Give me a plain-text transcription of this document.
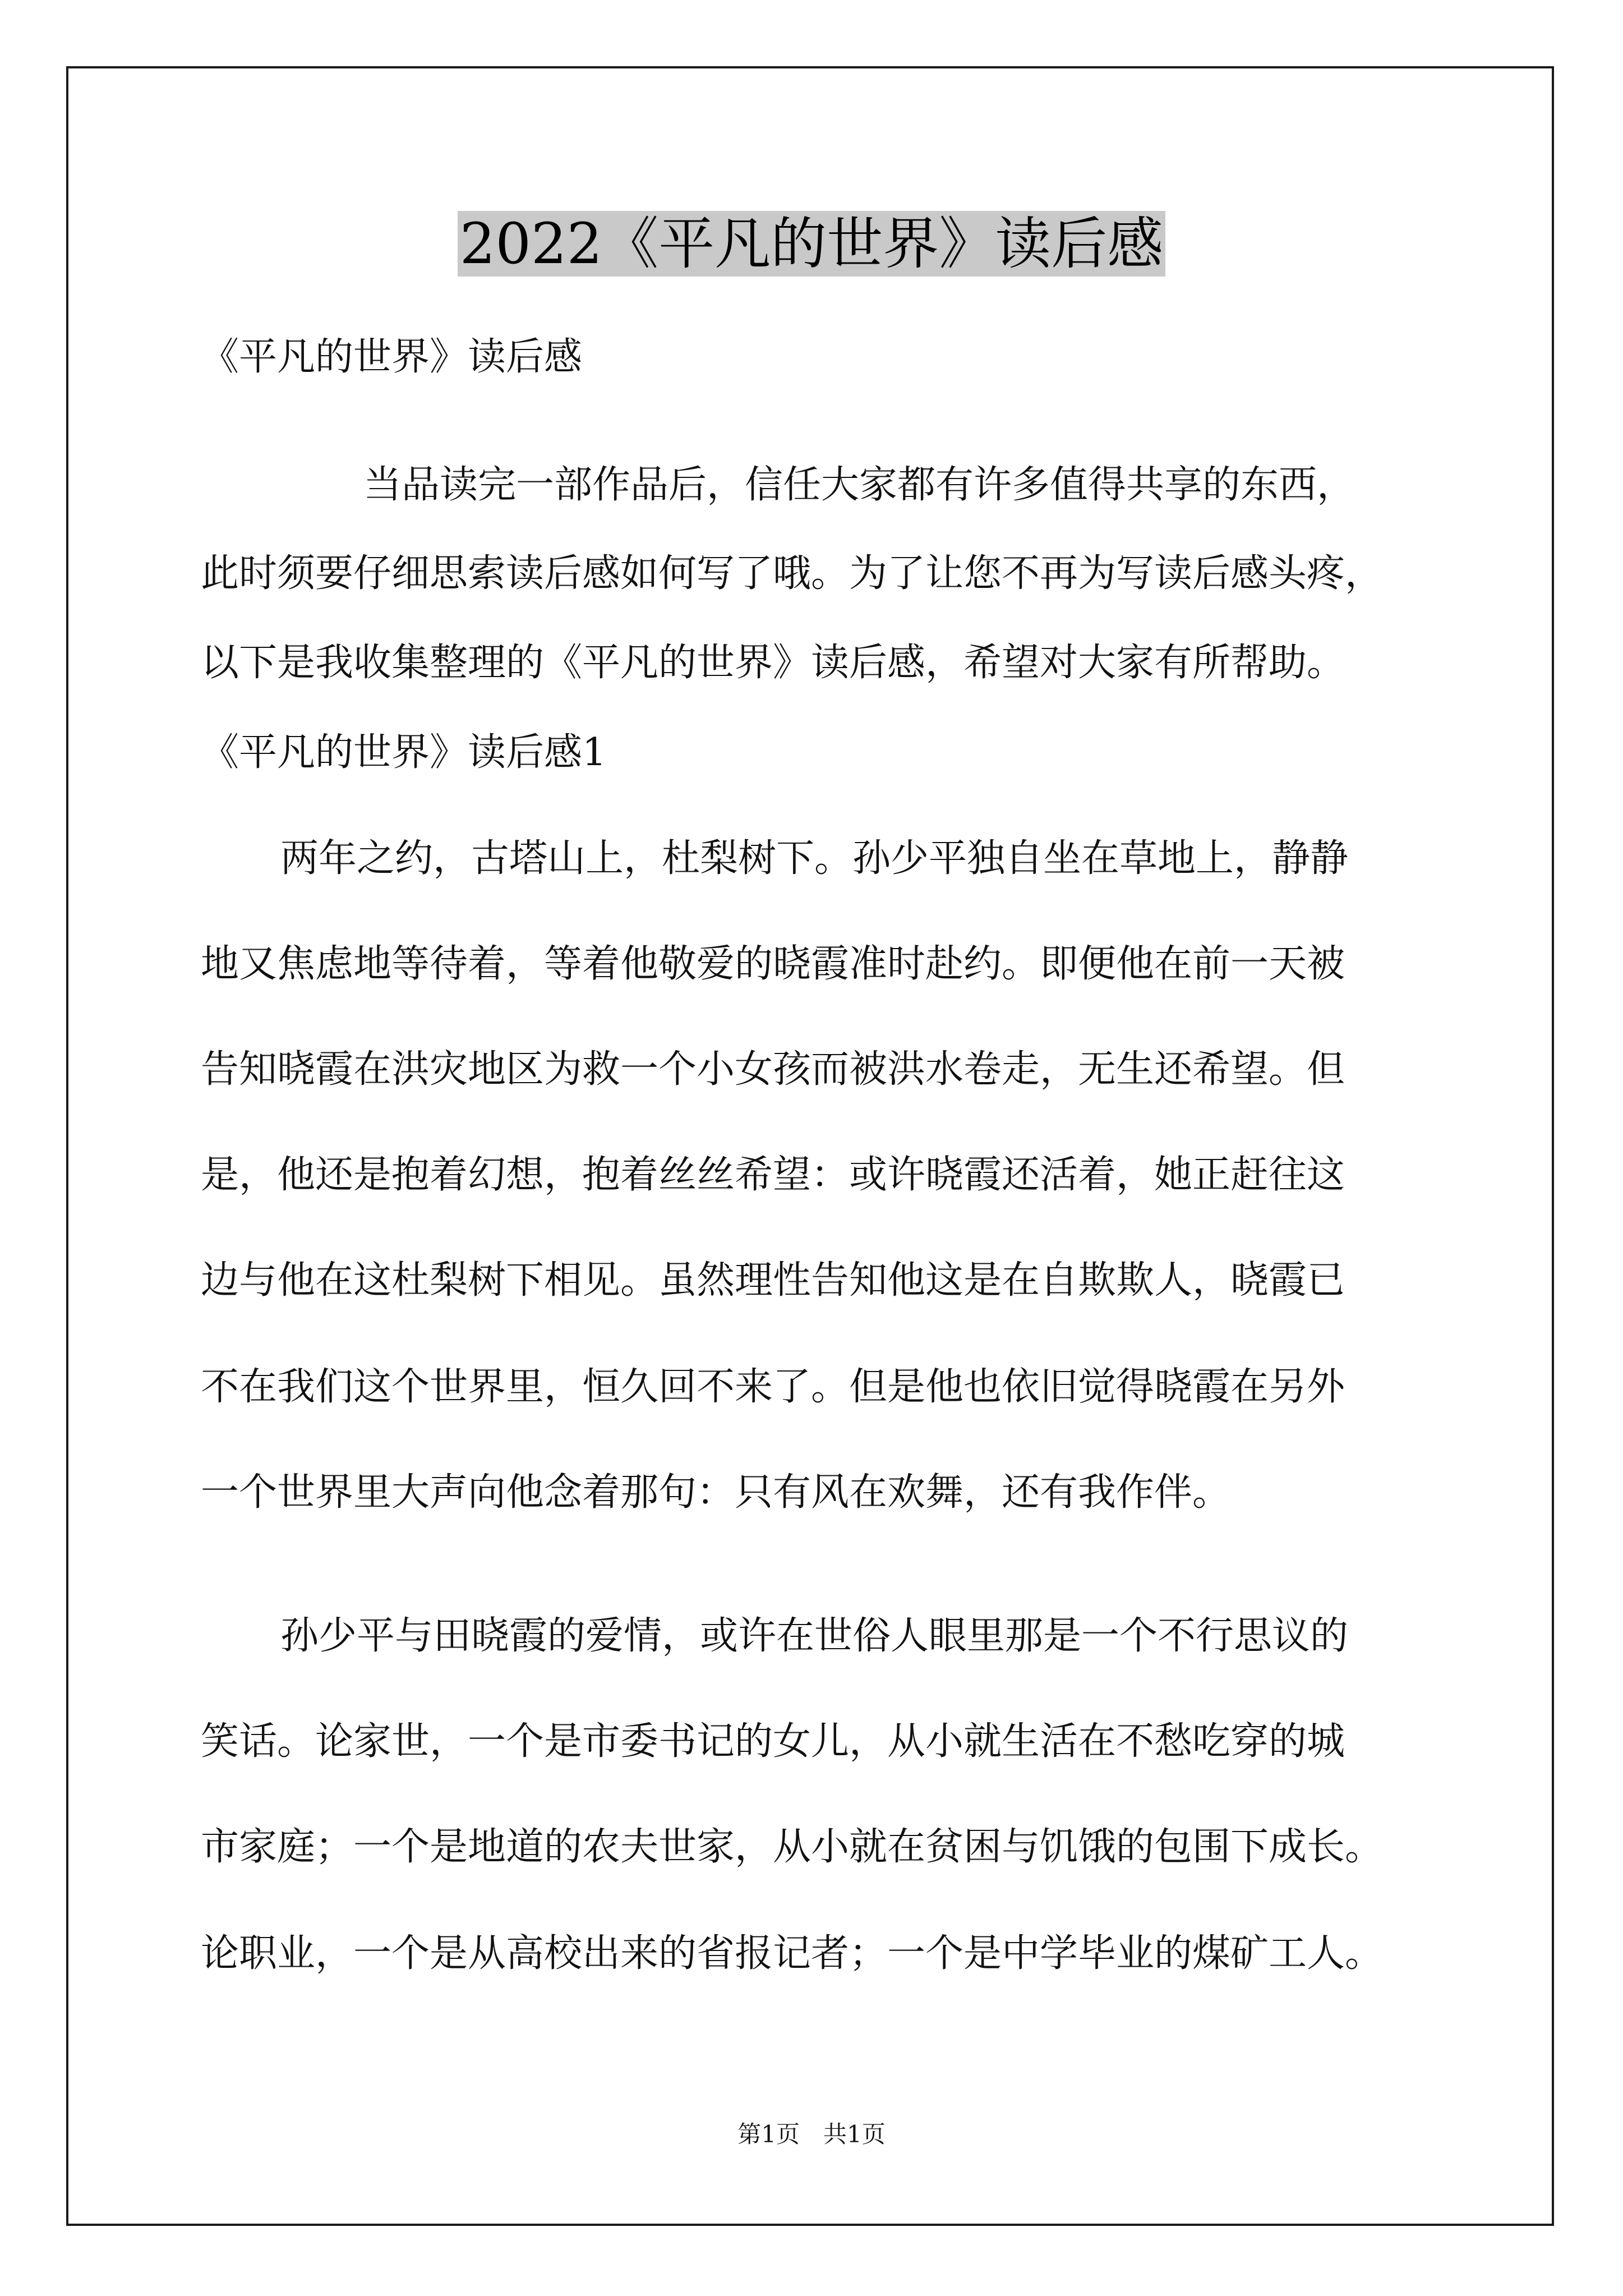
2022《平凡的世界》读后感
《平凡的世界》读后感
当品读完一部作品后，信任大家都有许多值得共享的东西，
此时须要仔细思索读后感如何写了哦。为了让您不再为写读后感头疼，
以下是我收集整理的《平凡的世界》读后感，希望对大家有所帮助。
《平凡的世界》读后感1
两年之约，古塔山上，杜梨树下。孙少平独自坐在草地上，静静
地又焦虑地等待着，等着他敬爱的晓霞准时赴约。即便他在前一天被
告知晓霞在洪灾地区为救一个小女孩而被洪水卷走，无生还希望。但
是，他还是抱着幻想，抱着丝丝希望：或许晓霞还活着，她正赶往这
边与他在这杜梨树下相见。虽然理性告知他这是在自欺欺人，晓霞已
不在我们这个世界里，恒久回不来了。但是他也依旧觉得晓霞在另外
一个世界里大声向他念着那句：只有风在欢舞，还有我作伴。
孙少平与田晓霞的爱情，或许在世俗人眼里那是一个不行思议的
笑话。论家世，一个是市委书记的女儿，从小就生活在不愁吃穿的城
市家庭；一个是地道的农夫世家，从小就在贫困与饥饿的包围下成长。
论职业，一个是从高校出来的省报记者；一个是中学毕业的煤矿工人。
第1页　共1页
